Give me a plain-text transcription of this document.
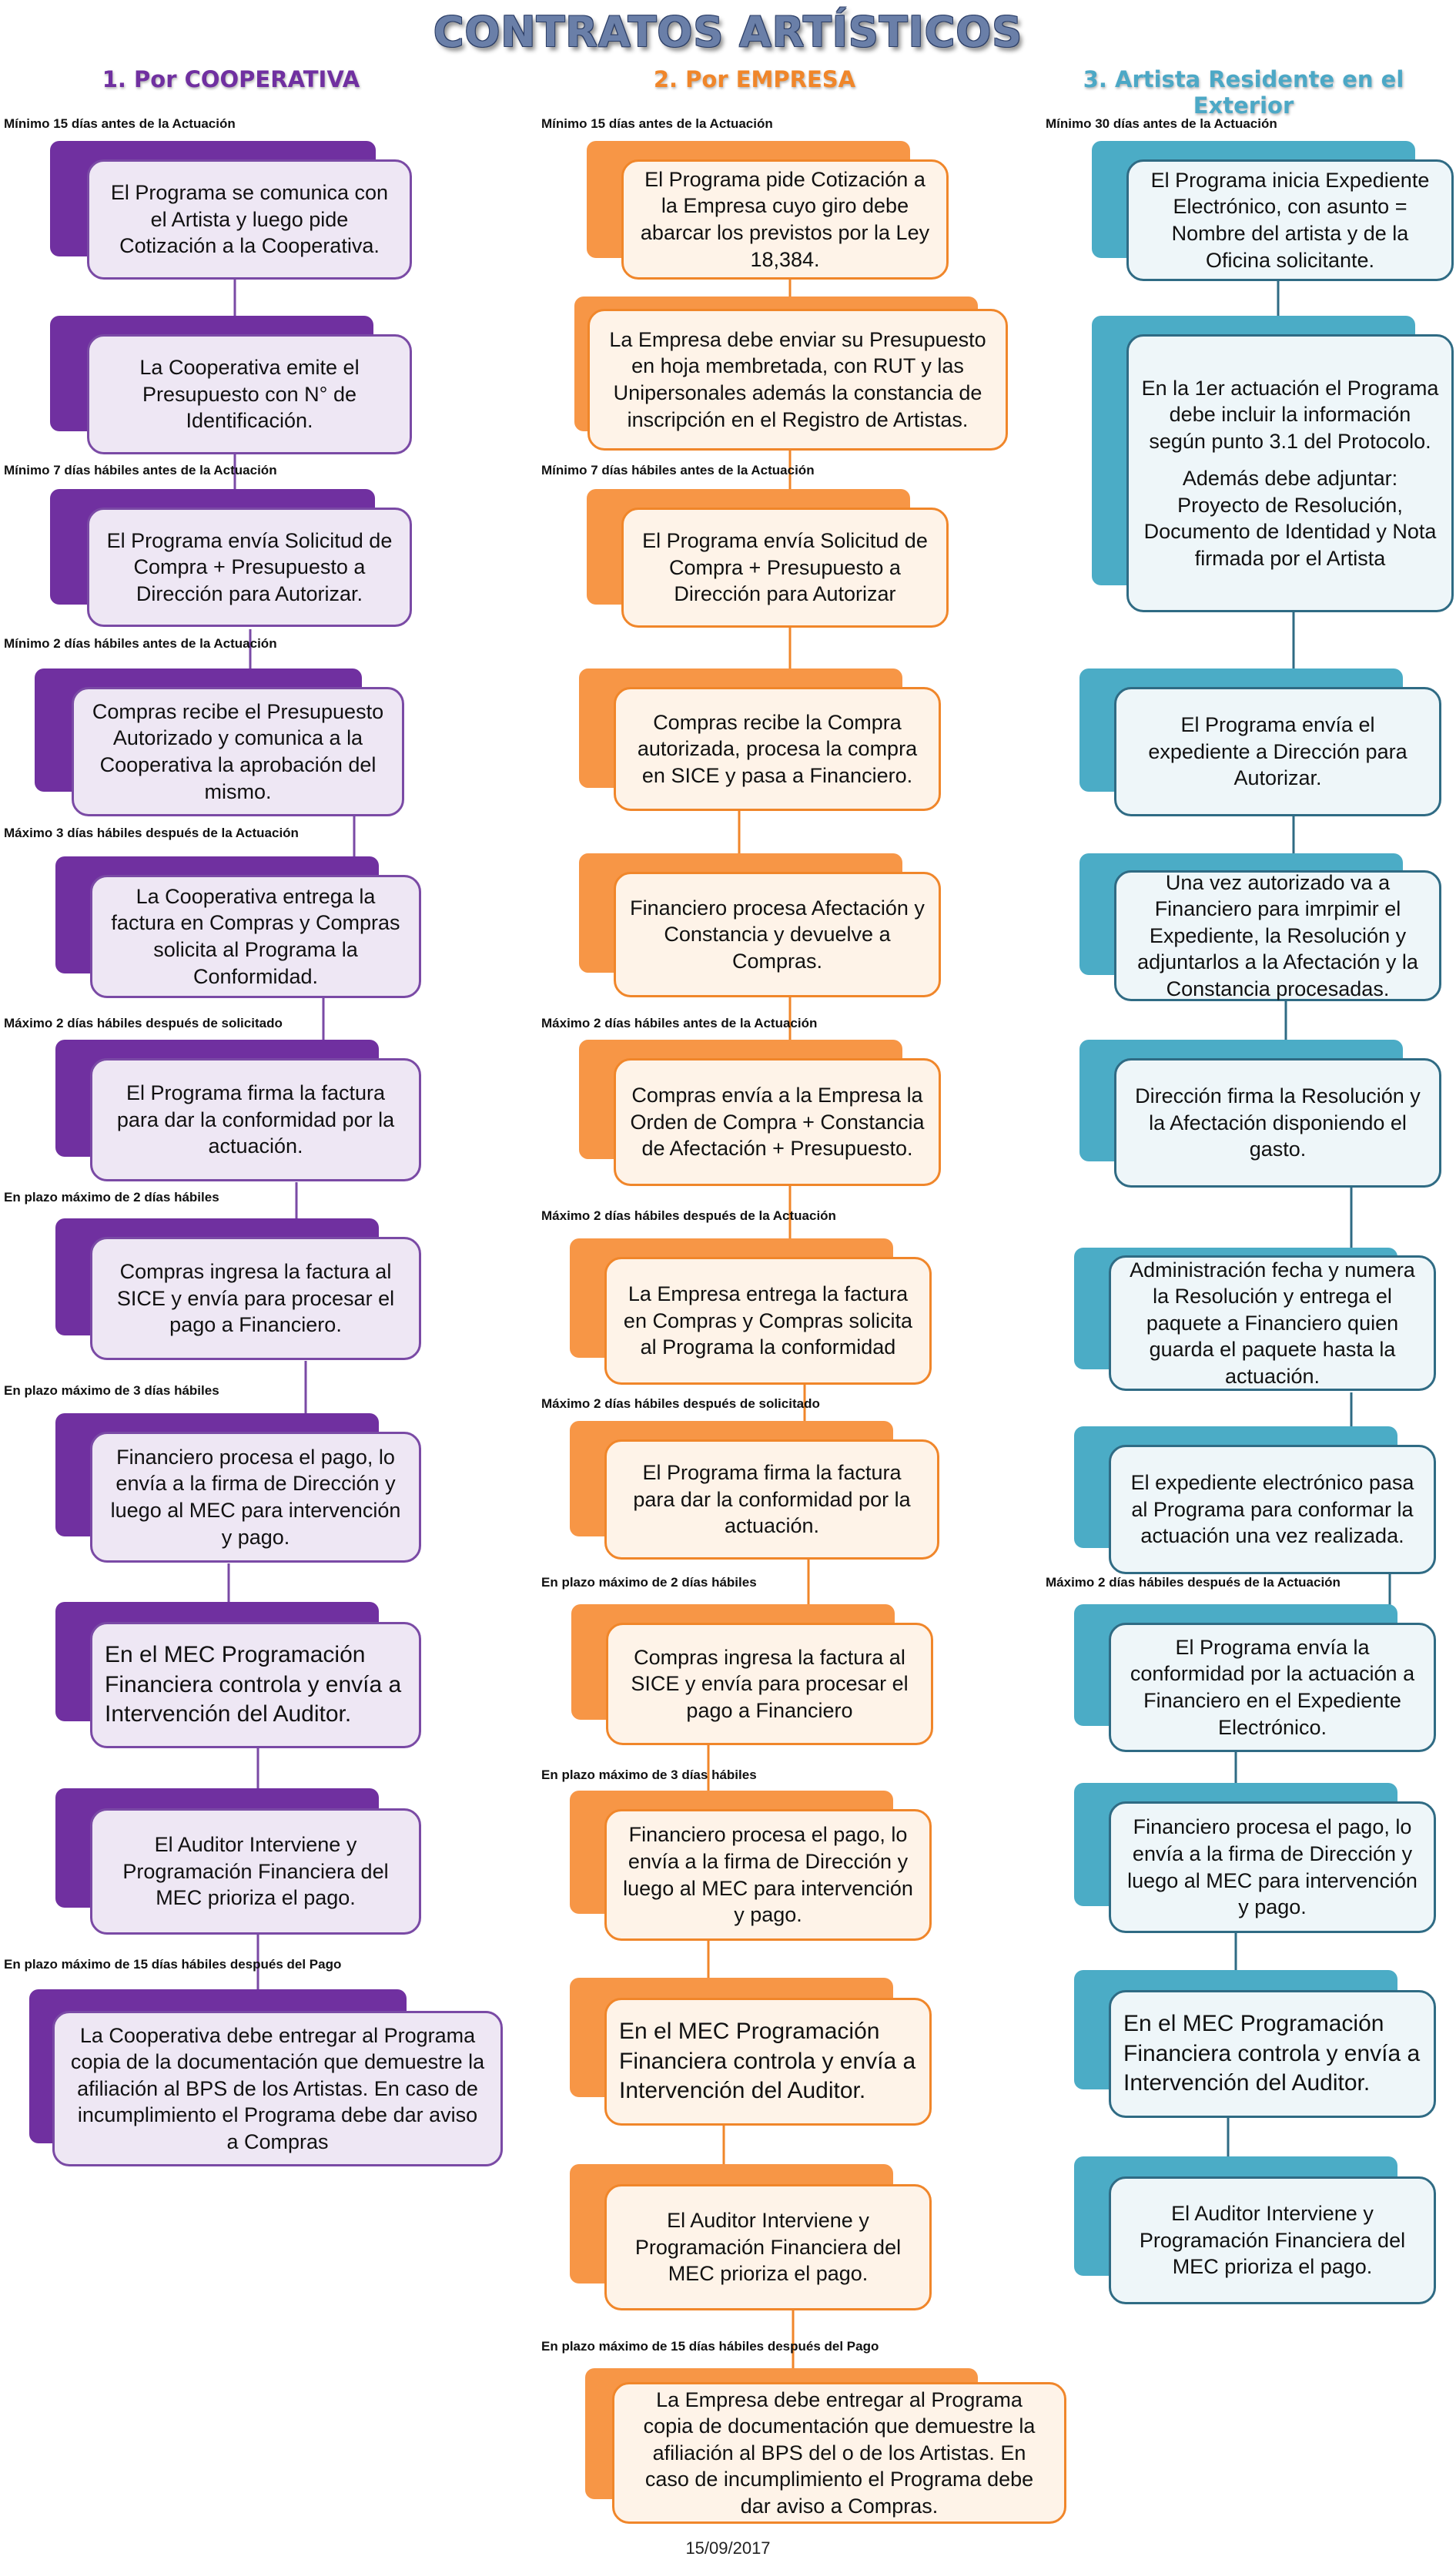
CONTRATOS ARTÍSTICOS
1. Por COOPERATIVA	2. Por EMPRESA	3. Artista Residente en el Exterior

Mínimo 15 días antes de la Actuación

El Programa se comunica con el Artista y luego pide Cotización a la Cooperativa.
La Cooperativa emite el Presupuesto con N° de Identificación.

Mínimo 7 días hábiles antes de la Actuación

El Programa envía Solicitud de Compra + Presupuesto a Dirección para Autorizar.

Mínimo 2 días hábiles antes de la Actuación

Compras recibe el Presupuesto Autorizado y comunica a la Cooperativa la aprobación del mismo.

Máximo 3 días hábiles después de la Actuación

La Cooperativa entrega la factura en Compras y Compras solicita al Programa la Conformidad.

Máximo 2 días hábiles después de solicitado

El Programa firma la factura para dar la conformidad por la actuación.

En plazo máximo de 2 días hábiles

Compras ingresa la factura al SICE y envía para procesar el pago a Financiero.

En plazo máximo de 3 días hábiles

Financiero procesa el pago, lo envía a la firma de Dirección y luego al MEC para intervención y pago.
En el MEC Programación Financiera controla y envía a Intervención del Auditor.
El Auditor Interviene y Programación Financiera del MEC prioriza el pago.

En plazo máximo de 15 días hábiles después del Pago

La Cooperativa debe entregar al Programa copia de la documentación que demuestre la afiliación al BPS de los Artistas. En caso de incumplimiento el Programa debe dar aviso a Compras

Mínimo 15 días antes de la Actuación

El Programa pide Cotización a la Empresa cuyo giro debe abarcar los previstos por la Ley 18,384.
La Empresa debe enviar su Presupuesto en hoja membretada, con RUT y las Unipersonales además la constancia de inscripción en el Registro de Artistas.

Mínimo 7 días hábiles antes de la Actuación

El Programa envía Solicitud de Compra + Presupuesto a Dirección para Autorizar
Compras recibe la Compra autorizada, procesa la compra en SICE y pasa a Financiero.
Financiero procesa Afectación y Constancia y devuelve a Compras.

Máximo 2 días hábiles antes de la Actuación

Compras envía a la Empresa la Orden de Compra + Constancia de Afectación + Presupuesto.

Máximo 2 días hábiles después de la Actuación

La Empresa entrega la factura en Compras y Compras solicita al Programa la conformidad

Máximo 2 días hábiles después de solicitado

El Programa firma la factura para dar la conformidad por la actuación.

En plazo máximo de 2 días hábiles

Compras ingresa la factura al SICE y envía para procesar el pago a Financiero

En plazo máximo de 3 días hábiles

Financiero procesa el pago, lo envía a la firma de Dirección y luego al MEC para intervención y pago.
En el MEC Programación Financiera controla y envía a Intervención del Auditor.
El Auditor Interviene y Programación Financiera del MEC prioriza el pago.

En plazo máximo de 15 días hábiles después del Pago

La Empresa debe entregar al Programa copia de documentación que demuestre la afiliación al BPS del o de los Artistas. En caso de incumplimiento el Programa debe dar aviso a Compras.

Mínimo 30 días antes de la Actuación

El Programa inicia Expediente Electrónico, con asunto = Nombre del artista y de la Oficina solicitante.

En la 1er actuación el Programa debe incluir la información según punto 3.1 del Protocolo.

Además debe adjuntar: Proyecto de Resolución, Documento de Identidad y Nota firmada por el Artista

El Programa envía el expediente a Dirección para Autorizar.
Una vez autorizado va a Financiero para imrpimir el Expediente, la Resolución y adjuntarlos a la Afectación y la Constancia procesadas.
Dirección firma la Resolución y la Afectación disponiendo el gasto.
Administración fecha y numera la Resolución y entrega el paquete a Financiero quien guarda el paquete hasta la actuación.
El expediente electrónico pasa al Programa para conformar la actuación una vez realizada.

Máximo 2 días hábiles después de la Actuación

El Programa envía la conformidad por la actuación a Financiero en el Expediente Electrónico.
Financiero procesa el pago, lo envía a la firma de Dirección y luego al MEC para intervención y pago.
En el MEC Programación Financiera controla y envía a Intervención del Auditor.
El Auditor Interviene y Programación Financiera del MEC prioriza el pago.

15/09/2017
